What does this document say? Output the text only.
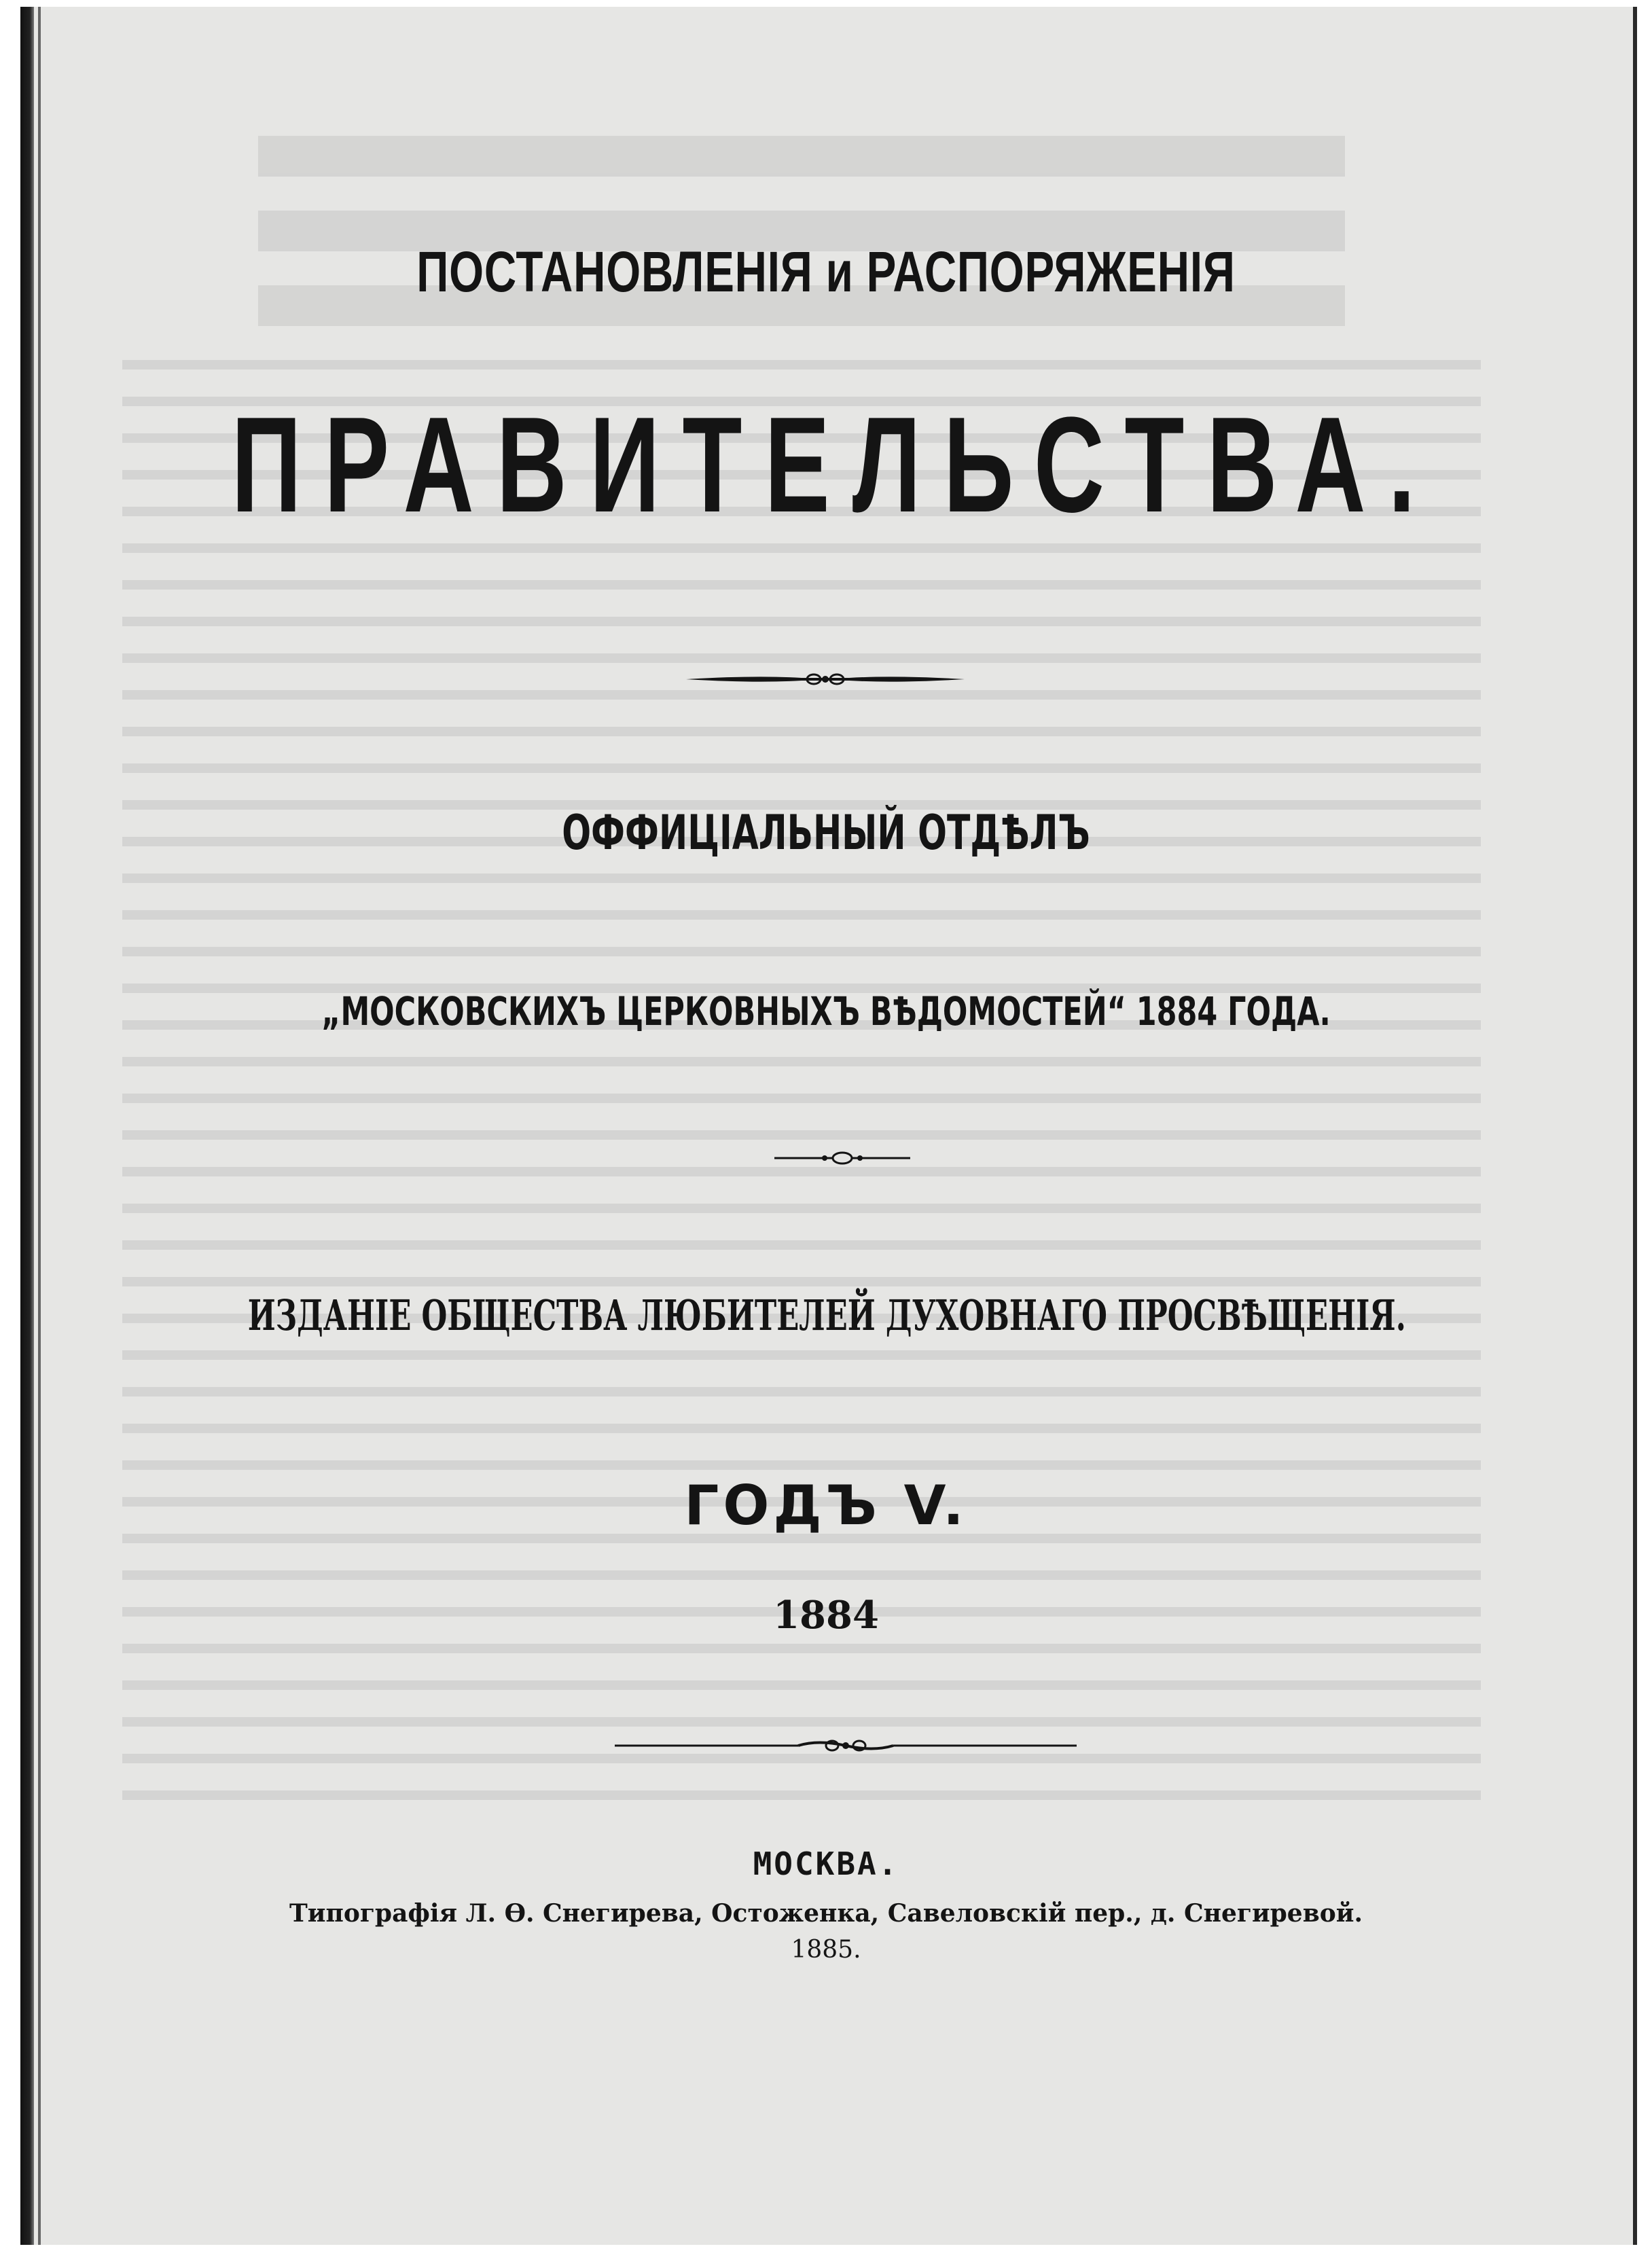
ПОСТАНОВЛЕНІЯ и РАСПОРЯЖЕНІЯ
ПРАВИТЕЛЬСТВА.
ОФФИЦІАЛЬНЫЙ ОТДѢЛЪ
„МОСКОВСКИХЪ ЦЕРКОВНЫХЪ ВѢДОМОСТЕЙ“ 1884 ГОДА.
ИЗДАНІЕ ОБЩЕСТВА ЛЮБИТЕЛЕЙ ДУХОВНАГО ПРОСВѢЩЕНІЯ.
ГОДЪ V.
1884
МОСКВА.
Типографія Л. Ѳ. Снегирева, Остоженка, Савеловскій пер., д. Снегиревой.
1885.
